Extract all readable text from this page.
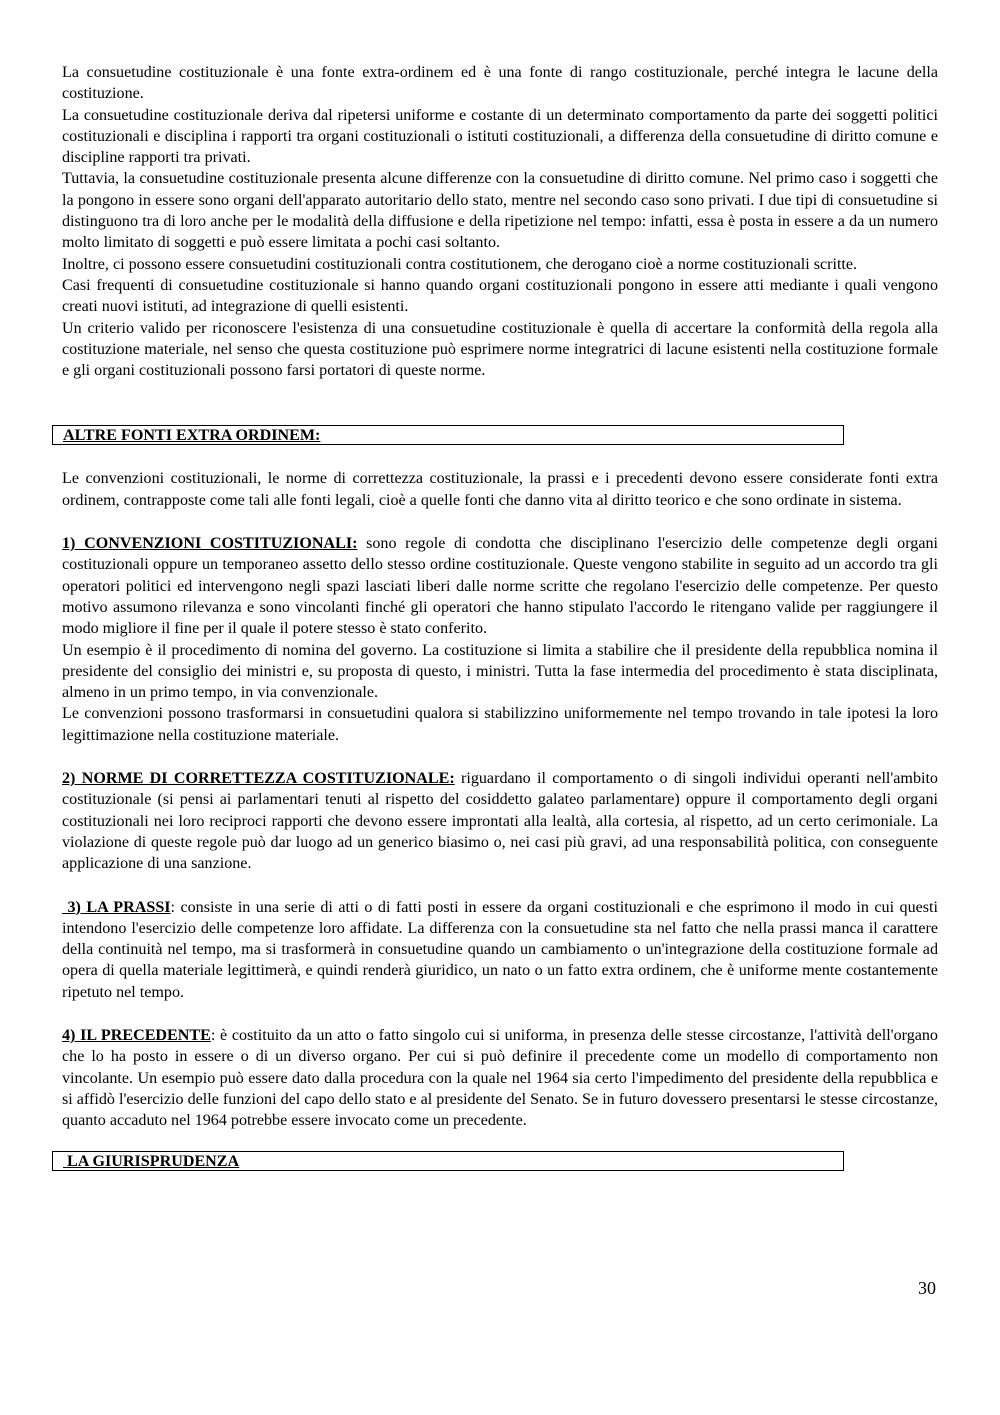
La consuetudine costituzionale è una fonte extra-ordinem ed è una fonte di rango costituzionale, perché integra le lacune della costituzione.

La consuetudine costituzionale deriva dal ripetersi uniforme e costante di un determinato comportamento da parte dei soggetti politici costituzionali e disciplina i rapporti tra organi costituzionali o istituti costituzionali, a differenza della consuetudine di diritto comune e discipline rapporti tra privati.

Tuttavia, la consuetudine costituzionale presenta alcune differenze con la consuetudine di diritto comune. Nel primo caso i soggetti che la pongono in essere sono organi dell'apparato autoritario dello stato, mentre nel secondo caso sono privati. I due tipi di consuetudine si distinguono tra di loro anche per le modalità della diffusione e della ripetizione nel tempo: infatti, essa è posta in essere a da un numero molto limitato di soggetti e può essere limitata a pochi casi soltanto.

Inoltre, ci possono essere consuetudini costituzionali contra costitutionem, che derogano cioè a norme costituzionali scritte.

Casi frequenti di consuetudine costituzionale si hanno quando organi costituzionali pongono in essere atti mediante i quali vengono creati nuovi istituti, ad integrazione di quelli esistenti.

Un criterio valido per riconoscere l'esistenza di una consuetudine costituzionale è quella di accertare la conformità della regola alla costituzione materiale, nel senso che questa costituzione può esprimere norme integratrici di lacune esistenti nella costituzione formale e gli organi costituzionali possono farsi portatori di queste norme.

ALTRE FONTI EXTRA ORDINEM:

Le convenzioni costituzionali, le norme di correttezza costituzionale, la prassi e i precedenti devono essere considerate fonti extra ordinem, contrapposte come tali alle fonti legali, cioè a quelle fonti che danno vita al diritto teorico e che sono ordinate in sistema.

1) CONVENZIONI COSTITUZIONALI: sono regole di condotta che disciplinano l'esercizio delle competenze degli organi costituzionali oppure un temporaneo assetto dello stesso ordine costituzionale. Queste vengono stabilite in seguito ad un accordo tra gli operatori politici ed intervengono negli spazi lasciati liberi dalle norme scritte che regolano l'esercizio delle competenze. Per questo motivo assumono rilevanza e sono vincolanti finché gli operatori che hanno stipulato l'accordo le ritengano valide per raggiungere il modo migliore il fine per il quale il potere stesso è stato conferito.

Un esempio è il procedimento di nomina del governo. La costituzione si limita a stabilire che il presidente della repubblica nomina il presidente del consiglio dei ministri e, su proposta di questo, i ministri. Tutta la fase intermedia del procedimento è stata disciplinata, almeno in un primo tempo, in via convenzionale.

Le convenzioni possono trasformarsi in consuetudini qualora si stabilizzino uniformemente nel tempo trovando in tale ipotesi la loro legittimazione nella costituzione materiale.

2) NORME DI CORRETTEZZA COSTITUZIONALE: riguardano il comportamento o di singoli individui operanti nell'ambito costituzionale (si pensi ai parlamentari tenuti al rispetto del cosiddetto galateo parlamentare) oppure il comportamento degli organi costituzionali nei loro reciproci rapporti che devono essere improntati alla lealtà, alla cortesia, al rispetto, ad un certo cerimoniale. La violazione di queste regole può dar luogo ad un generico biasimo o, nei casi più gravi, ad una responsabilità politica, con conseguente applicazione di una sanzione.

3) LA PRASSI: consiste in una serie di atti o di fatti posti in essere da organi costituzionali e che esprimono il modo in cui questi intendono l'esercizio delle competenze loro affidate. La differenza con la consuetudine sta nel fatto che nella prassi manca il carattere della continuità nel tempo, ma si trasformerà in consuetudine quando un cambiamento o un'integrazione della costituzione formale ad opera di quella materiale legittimerà, e quindi renderà giuridico, un nato o un fatto extra ordinem, che è uniforme mente costantemente ripetuto nel tempo.

4) IL PRECEDENTE: è costituito da un atto o fatto singolo cui si uniforma, in presenza delle stesse circostanze, l'attività dell'organo che lo ha posto in essere o di un diverso organo. Per cui si può definire il precedente come un modello di comportamento non vincolante. Un esempio può essere dato dalla procedura con la quale nel 1964 sia certo l'impedimento del presidente della repubblica e si affidò l'esercizio delle funzioni del capo dello stato e al presidente del Senato. Se in futuro dovessero presentarsi le stesse circostanze, quanto accaduto nel 1964 potrebbe essere invocato come un precedente.

LA GIURISPRUDENZA
30
